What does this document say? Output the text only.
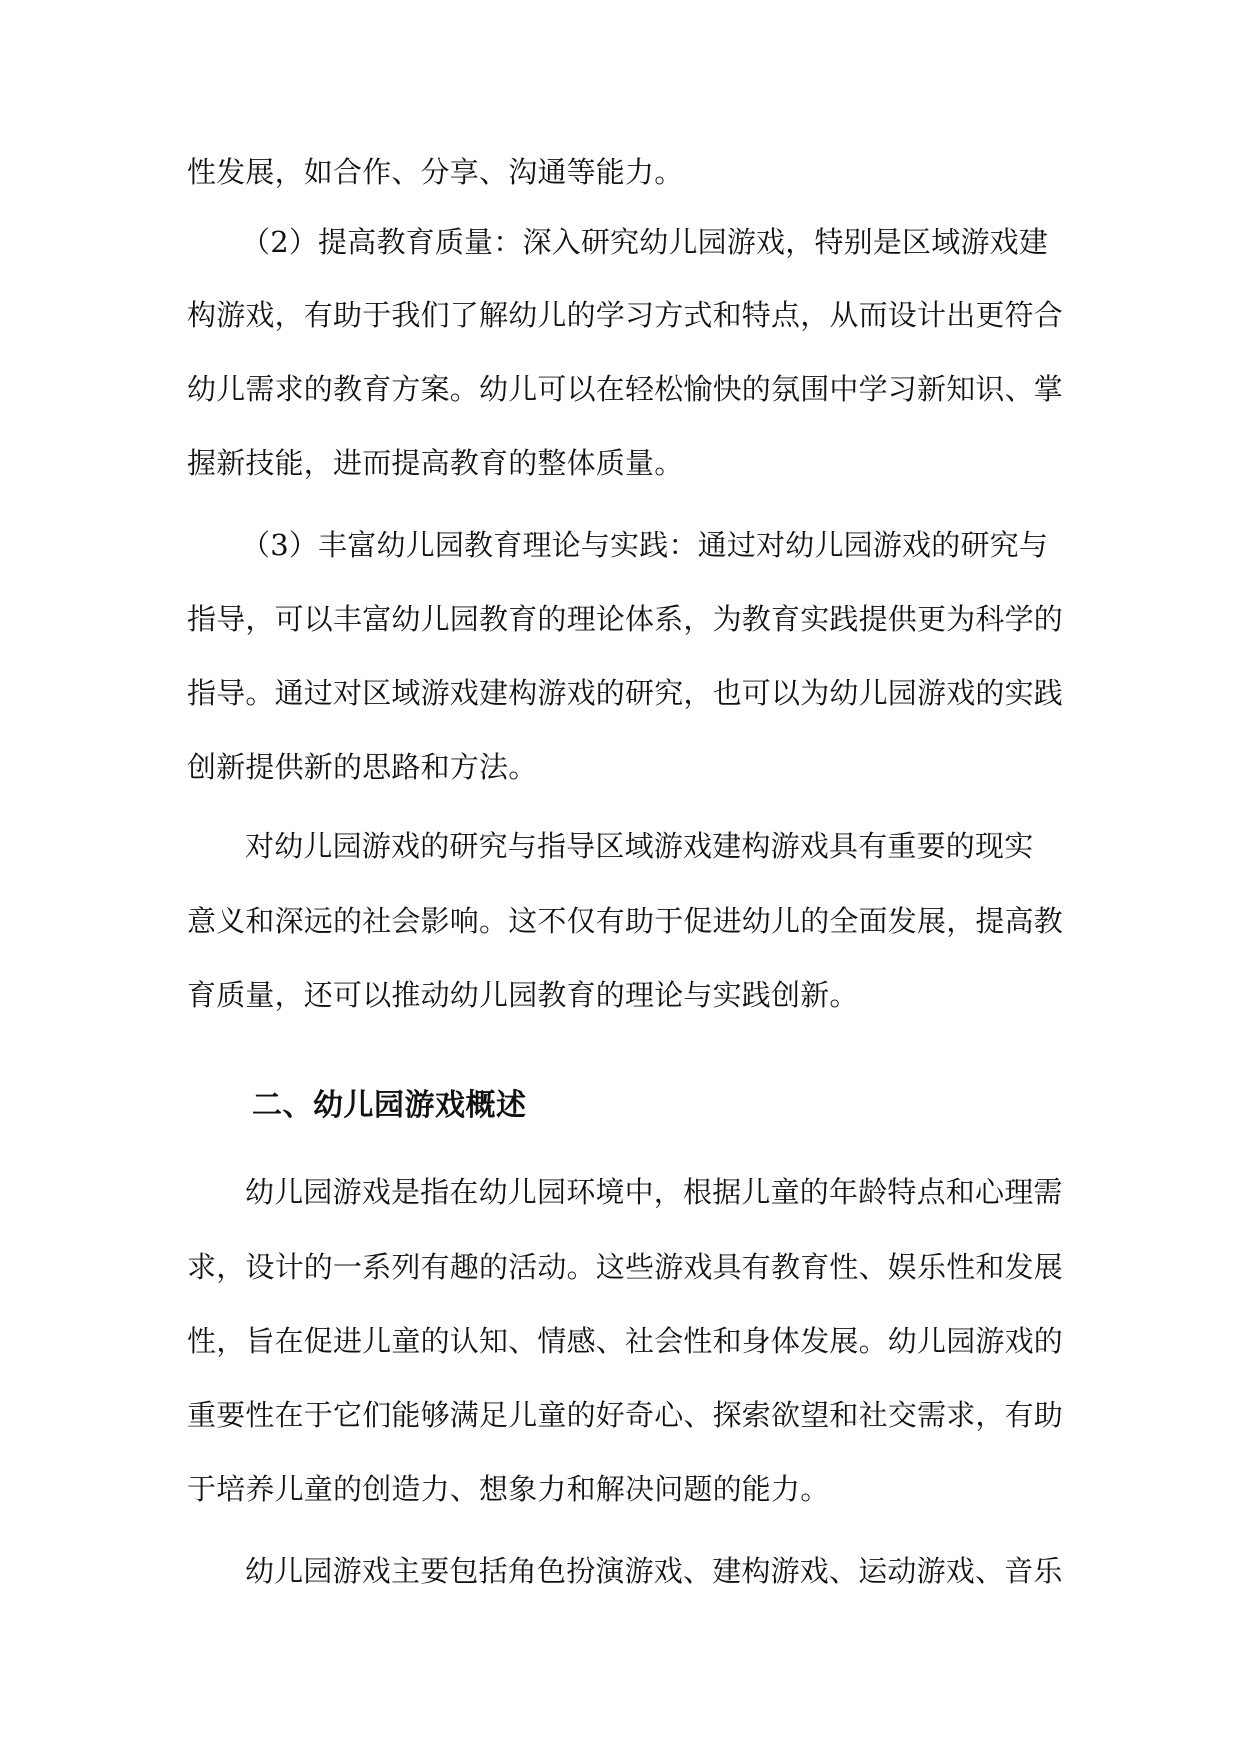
性发展，如合作、分享、沟通等能力。
（2）提高教育质量：深入研究幼儿园游戏，特别是区域游戏建
构游戏，有助于我们了解幼儿的学习方式和特点，从而设计出更符合
幼儿需求的教育方案。幼儿可以在轻松愉快的氛围中学习新知识、掌
握新技能，进而提高教育的整体质量。
（3）丰富幼儿园教育理论与实践：通过对幼儿园游戏的研究与
指导，可以丰富幼儿园教育的理论体系，为教育实践提供更为科学的
指导。通过对区域游戏建构游戏的研究，也可以为幼儿园游戏的实践
创新提供新的思路和方法。
对幼儿园游戏的研究与指导区域游戏建构游戏具有重要的现实
意义和深远的社会影响。这不仅有助于促进幼儿的全面发展，提高教
育质量，还可以推动幼儿园教育的理论与实践创新。
二、幼儿园游戏概述
幼儿园游戏是指在幼儿园环境中，根据儿童的年龄特点和心理需
求，设计的一系列有趣的活动。这些游戏具有教育性、娱乐性和发展
性，旨在促进儿童的认知、情感、社会性和身体发展。幼儿园游戏的
重要性在于它们能够满足儿童的好奇心、探索欲望和社交需求，有助
于培养儿童的创造力、想象力和解决问题的能力。
幼儿园游戏主要包括角色扮演游戏、建构游戏、运动游戏、音乐
